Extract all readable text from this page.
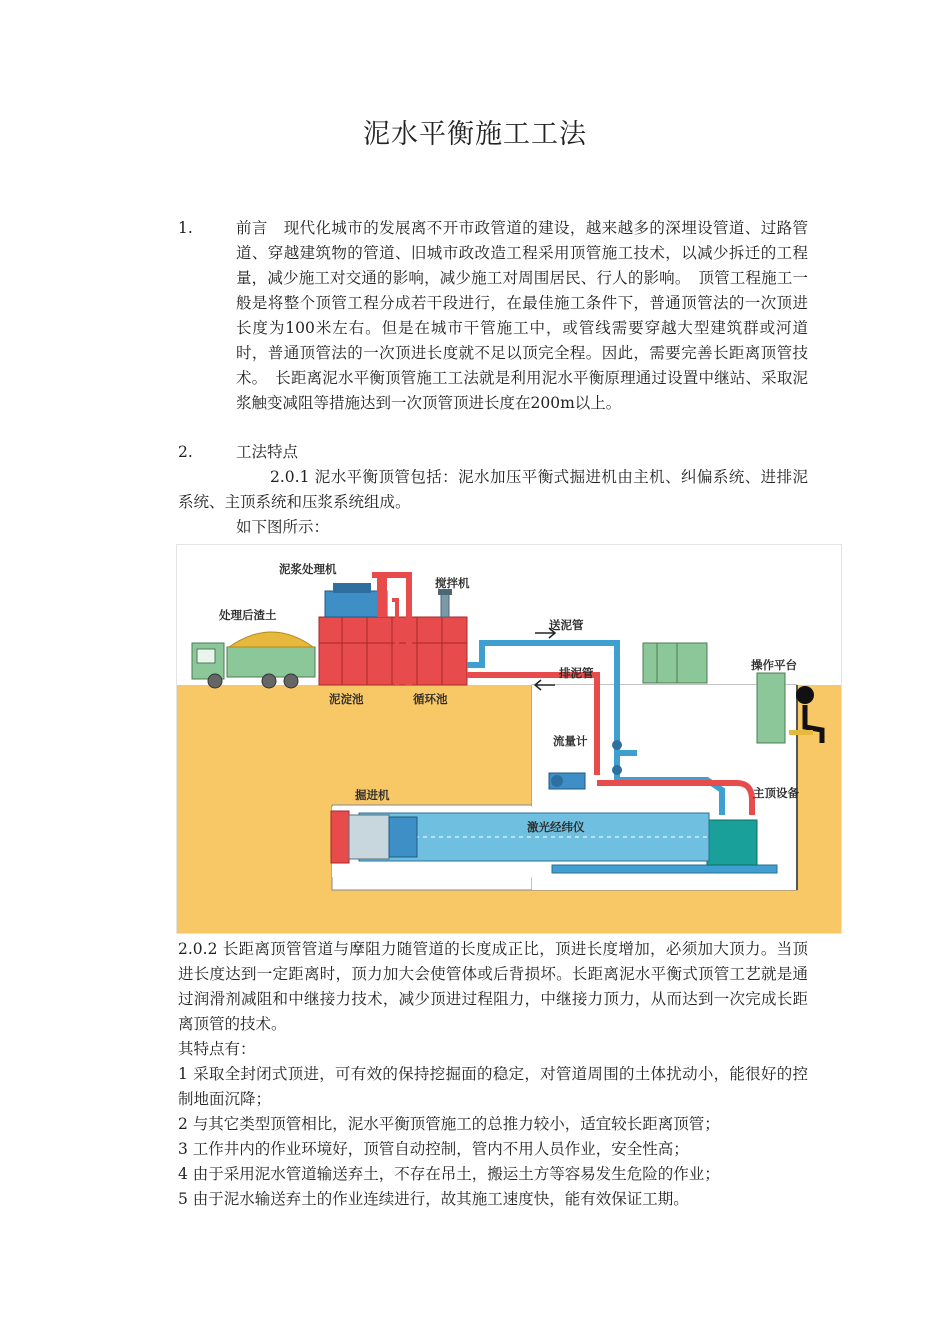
泥水平衡施工工法
1.	前言　现代化城市的发展离不开市政管道的建设，越来越多的深埋设管道、过路管道、穿越建筑物的管道、旧城市政改造工程采用顶管施工技术，以减少拆迁的工程量，减少施工对交通的影响，减少施工对周围居民、行人的影响。　顶管工程施工一般是将整个顶管工程分成若干段进行，在最佳施工条件下，普通顶管法的一次顶进长度为100米左右。但是在城市干管施工中，或管线需要穿越大型建筑群或河道时，普通顶管法的一次顶进长度就不足以顶完全程。因此，需要完善长距离顶管技术。　长距离泥水平衡顶管施工工法就是利用泥水平衡原理通过设置中继站、采取泥浆触变减阻等措施达到一次顶管顶进长度在200m以上。
2.	工法特点
2.0.1 泥水平衡顶管包括：泥水加压平衡式掘进机由主机、纠偏系统、进排泥系统、主顶系统和压浆系统组成。
如下图所示：
泥浆处理机
处理后渣土
搅拌机
送泥管
排泥管
操作平台
泥淀池	循环池
流量计
掘进机	主顶设备
激光经纬仪
2.0.2 长距离顶管管道与摩阻力随管道的长度成正比，顶进长度增加，必须加大顶力。当顶进长度达到一定距离时，顶力加大会使管体或后背损坏。长距离泥水平衡式顶管工艺就是通过润滑剂减阻和中继接力技术，减少顶进过程阻力，中继接力顶力，从而达到一次完成长距离顶管的技术。
其特点有：

1 采取全封闭式顶进，可有效的保持挖掘面的稳定，对管道周围的土体扰动小，能很好的控制地面沉降；

2 与其它类型顶管相比，泥水平衡顶管施工的总推力较小，适宜较长距离顶管；

3 工作井内的作业环境好，顶管自动控制，管内不用人员作业，安全性高；

4 由于采用泥水管道输送弃土，不存在吊土，搬运土方等容易发生危险的作业；

5 由于泥水输送弃土的作业连续进行，故其施工速度快，能有效保证工期。
